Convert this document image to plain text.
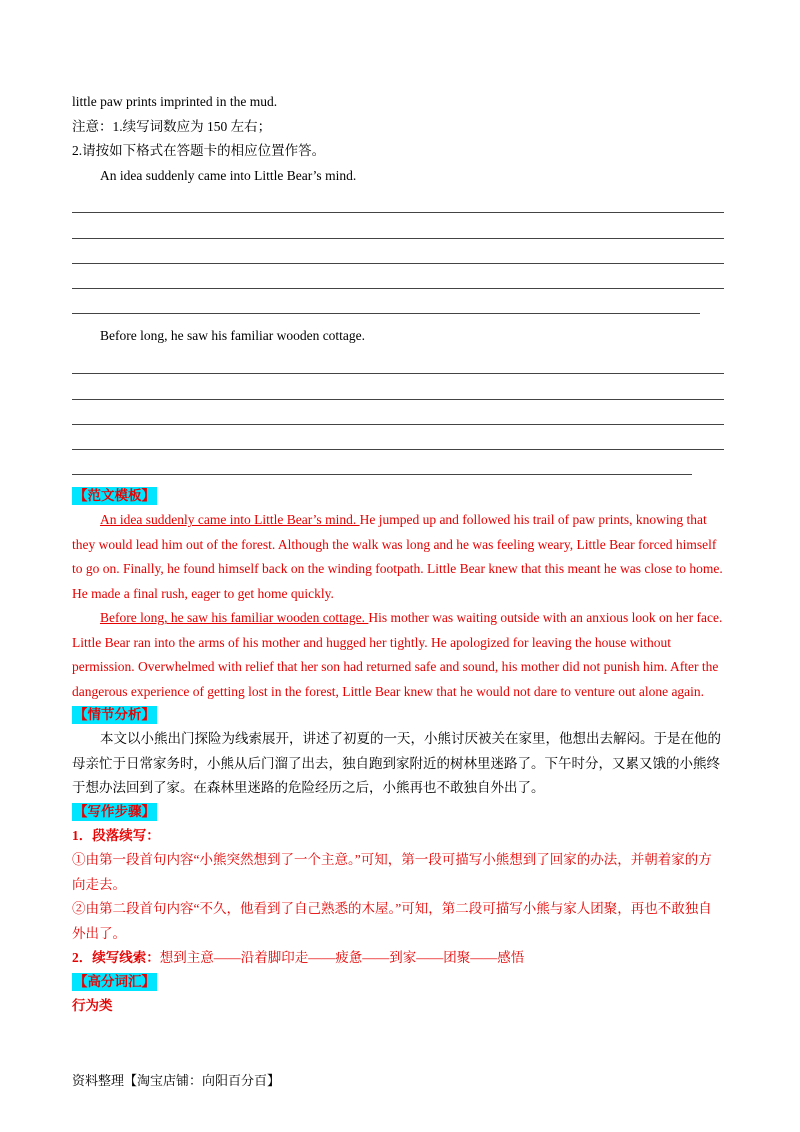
little paw prints imprinted in the mud.

注意：1.续写词数应为 150 左右；

2.请按如下格式在答题卡的相应位置作答。

An idea suddenly came into Little Bear’s mind.

Before long, he saw his familiar wooden cottage.

【范文模板】

An idea suddenly came into Little Bear’s mind. He jumped up and followed his trail of paw prints, knowing that they would lead him out of the forest. Although the walk was long and he was feeling weary, Little Bear forced himself to go on. Finally, he found himself back on the winding footpath. Little Bear knew that this meant he was close to home. He made a final rush, eager to get home quickly.

Before long, he saw his familiar wooden cottage. His mother was waiting outside with an anxious look on her face. Little Bear ran into the arms of his mother and hugged her tightly. He apologized for leaving the house without permission. Overwhelmed with relief that her son had returned safe and sound, his mother did not punish him. After the dangerous experience of getting lost in the forest, Little Bear knew that he would not dare to venture out alone again.

【情节分析】

本文以小熊出门探险为线索展开，讲述了初夏的一天，小熊讨厌被关在家里，他想出去解闷。于是在他的母亲忙于日常家务时，小熊从后门溜了出去，独自跑到家附近的树林里迷路了。下午时分，又累又饿的小熊终于想办法回到了家。在森林里迷路的危险经历之后，小熊再也不敢独自外出了。

【写作步骤】

1．段落续写：

①由第一段首句内容“小熊突然想到了一个主意。”可知，第一段可描写小熊想到了回家的办法，并朝着家的方向走去。

②由第二段首句内容“不久，他看到了自己熟悉的木屋。”可知，第二段可描写小熊与家人团聚，再也不敢独自外出了。

2．续写线索：想到主意——沿着脚印走——疲惫——到家——团聚——感悟

【高分词汇】

行为类

资料整理【淘宝店铺：向阳百分百】
